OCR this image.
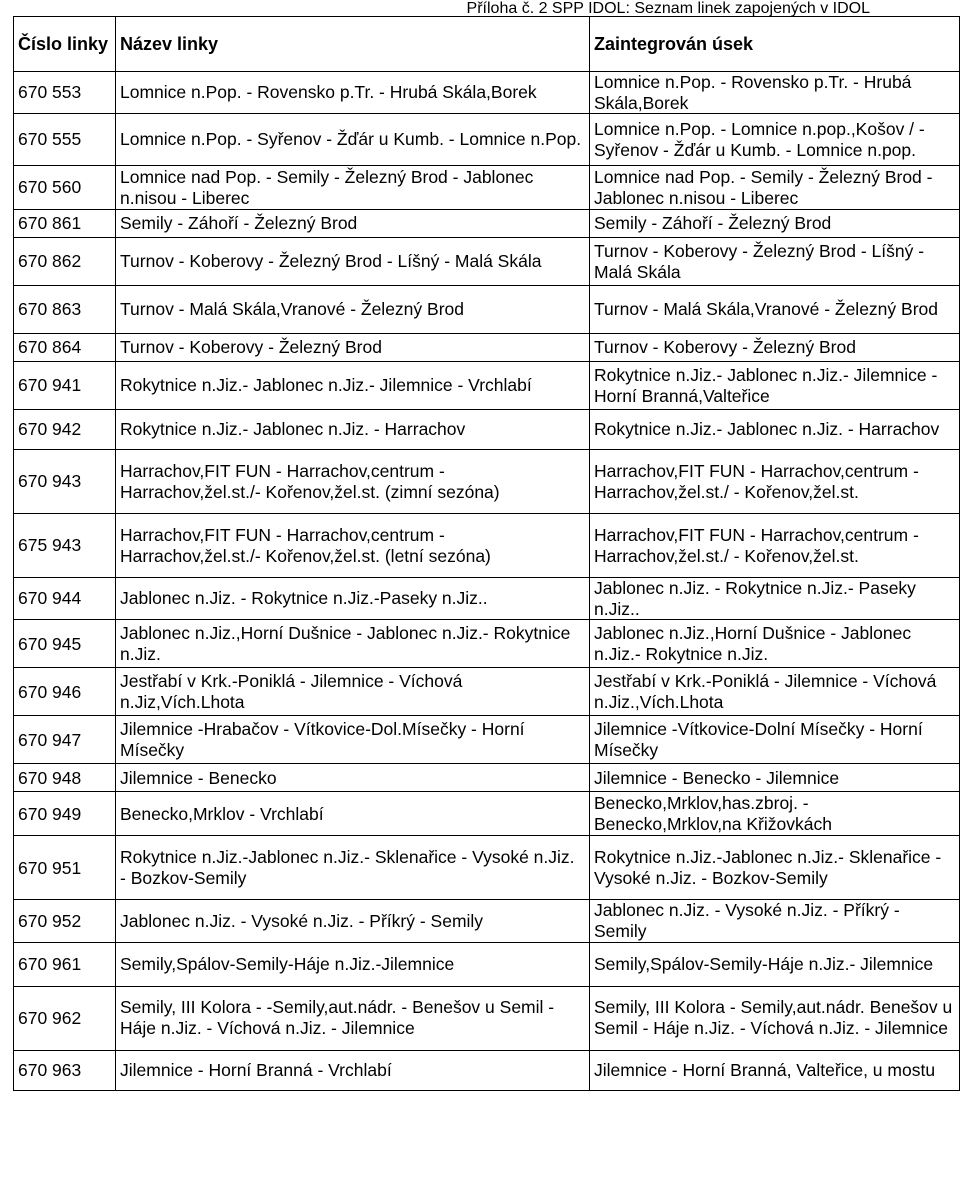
Příloha č. 2 SPP IDOL: Seznam linek zapojených v IDOL
Číslo linky	Název linky	Zaintegrován úsek
670 553	Lomnice n.Pop. - Rovensko p.Tr. - Hrubá Skála,Borek	Lomnice n.Pop. - Rovensko p.Tr. - Hrubá Skála,Borek
670 555	Lomnice n.Pop. - Syřenov - Žďár u Kumb. - Lomnice n.Pop.	Lomnice n.Pop. - Lomnice n.pop.,Košov / - Syřenov - Žďár u Kumb. - Lomnice n.pop.
670 560	Lomnice nad Pop. - Semily - Železný Brod - Jablonec n.nisou - Liberec	Lomnice nad Pop. - Semily - Železný Brod - Jablonec n.nisou - Liberec
670 861	Semily - Záhoří - Železný Brod	Semily - Záhoří - Železný Brod
670 862	Turnov - Koberovy - Železný Brod - Líšný - Malá Skála	Turnov - Koberovy - Železný Brod - Líšný - Malá Skála
670 863	Turnov - Malá Skála,Vranové - Železný Brod	Turnov - Malá Skála,Vranové - Železný Brod
670 864	Turnov - Koberovy - Železný Brod	Turnov - Koberovy - Železný Brod
670 941	Rokytnice n.Jiz.- Jablonec n.Jiz.- Jilemnice - Vrchlabí	Rokytnice n.Jiz.- Jablonec n.Jiz.- Jilemnice - Horní Branná,Valteřice
670 942	Rokytnice n.Jiz.- Jablonec n.Jiz. - Harrachov	Rokytnice n.Jiz.- Jablonec n.Jiz. - Harrachov
670 943	Harrachov,FIT FUN - Harrachov,centrum - Harrachov,žel.st./- Kořenov,žel.st. (zimní sezóna)	Harrachov,FIT FUN - Harrachov,centrum - Harrachov,žel.st./ - Kořenov,žel.st.
675 943	Harrachov,FIT FUN - Harrachov,centrum - Harrachov,žel.st./- Kořenov,žel.st. (letní sezóna)	Harrachov,FIT FUN - Harrachov,centrum - Harrachov,žel.st./ - Kořenov,žel.st.
670 944	Jablonec n.Jiz. - Rokytnice n.Jiz.-Paseky n.Jiz..	Jablonec n.Jiz. - Rokytnice n.Jiz.- Paseky n.Jiz..
670 945	Jablonec n.Jiz.,Horní Dušnice - Jablonec n.Jiz.- Rokytnice n.Jiz.	Jablonec n.Jiz.,Horní Dušnice - Jablonec n.Jiz.- Rokytnice n.Jiz.
670 946	Jestřabí v Krk.-Poniklá - Jilemnice - Víchová n.Jiz,Vích.Lhota	Jestřabí v Krk.-Poniklá - Jilemnice - Víchová n.Jiz.,Vích.Lhota
670 947	Jilemnice -Hrabačov - Vítkovice-Dol.Mísečky - Horní Mísečky	Jilemnice -Vítkovice-Dolní Mísečky - Horní Mísečky
670 948	Jilemnice - Benecko	Jilemnice - Benecko - Jilemnice
670 949	Benecko,Mrklov - Vrchlabí	Benecko,Mrklov,has.zbroj. - Benecko,Mrklov,na Křižovkách
670 951	Rokytnice n.Jiz.-Jablonec n.Jiz.- Sklenařice - Vysoké n.Jiz. - Bozkov-Semily	Rokytnice n.Jiz.-Jablonec n.Jiz.- Sklenařice - Vysoké n.Jiz. - Bozkov-Semily
670 952	Jablonec n.Jiz. - Vysoké n.Jiz. - Příkrý - Semily	Jablonec n.Jiz. - Vysoké n.Jiz. - Příkrý - Semily
670 961	Semily,Spálov-Semily-Háje n.Jiz.-Jilemnice	Semily,Spálov-Semily-Háje n.Jiz.- Jilemnice
670 962	Semily, III Kolora - -Semily,aut.nádr. - Benešov u Semil - Háje n.Jiz. - Víchová n.Jiz. - Jilemnice	Semily, III Kolora - Semily,aut.nádr. Benešov u Semil - Háje n.Jiz. - Víchová n.Jiz. - Jilemnice
670 963	Jilemnice - Horní Branná - Vrchlabí	Jilemnice - Horní Branná, Valteřice, u mostu
